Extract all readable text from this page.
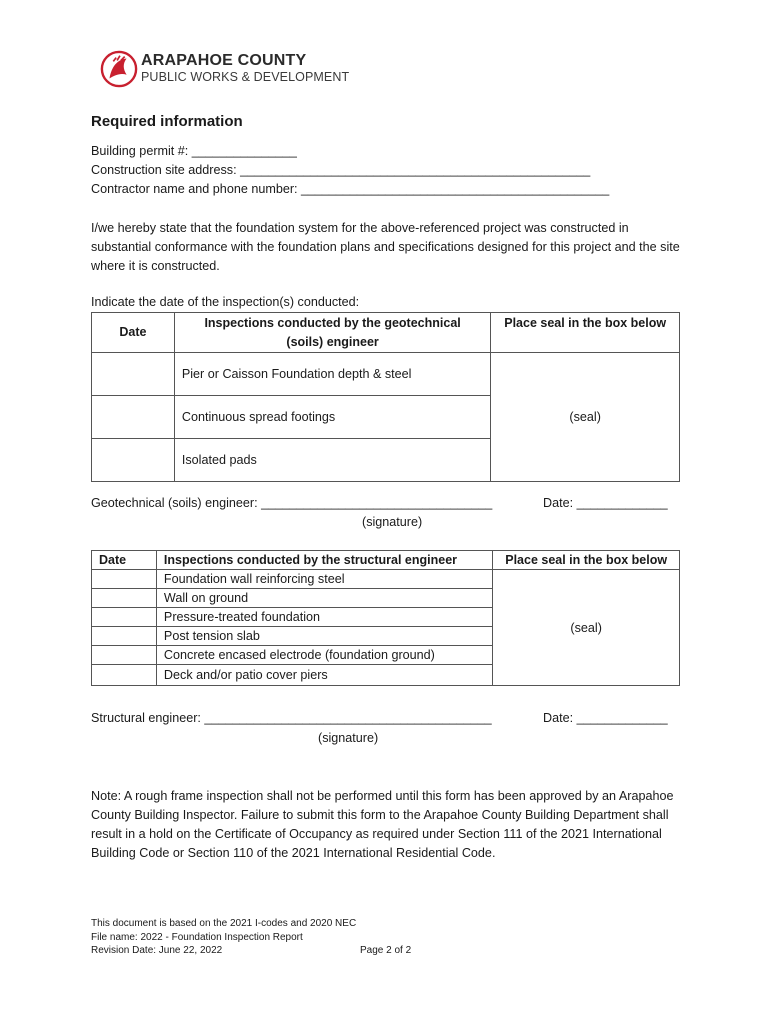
ARAPAHOE COUNTY
PUBLIC WORKS & DEVELOPMENT
Required information
Building permit #: _______________
Construction site address: __________________________________________________
Contractor name and phone number: ____________________________________________
I/we hereby state that the foundation system for the above-referenced project was constructed in substantial conformance with the foundation plans and specifications designed for this project and the site where it is constructed.
Indicate the date of the inspection(s) conducted:
Date	Inspections conducted by the geotechnical (soils) engineer	Place seal in the box below
	Pier or Caisson Foundation depth & steel	(seal)
	Continuous spread footings	
	Isolated pads	
Geotechnical (soils) engineer: _________________________________	Date: _____________
(signature)
Date	Inspections conducted by the structural engineer	Place seal in the box below
	Foundation wall reinforcing steel	(seal)
	Wall on ground	
	Pressure-treated foundation	
	Post tension slab	
	Concrete encased electrode (foundation ground)	
	Deck and/or patio cover piers	
Structural engineer: _________________________________________	Date: _____________
(signature)
Note: A rough frame inspection shall not be performed until this form has been approved by an Arapahoe County Building Inspector. Failure to submit this form to the Arapahoe County Building Department shall result in a hold on the Certificate of Occupancy as required under Section 111 of the 2021 International Building Code or Section 110 of the 2021 International Residential Code.
This document is based on the 2021 I-codes and 2020 NEC
File name: 2022 - Foundation Inspection Report
Revision Date: June 22, 2022	Page 2 of 2
